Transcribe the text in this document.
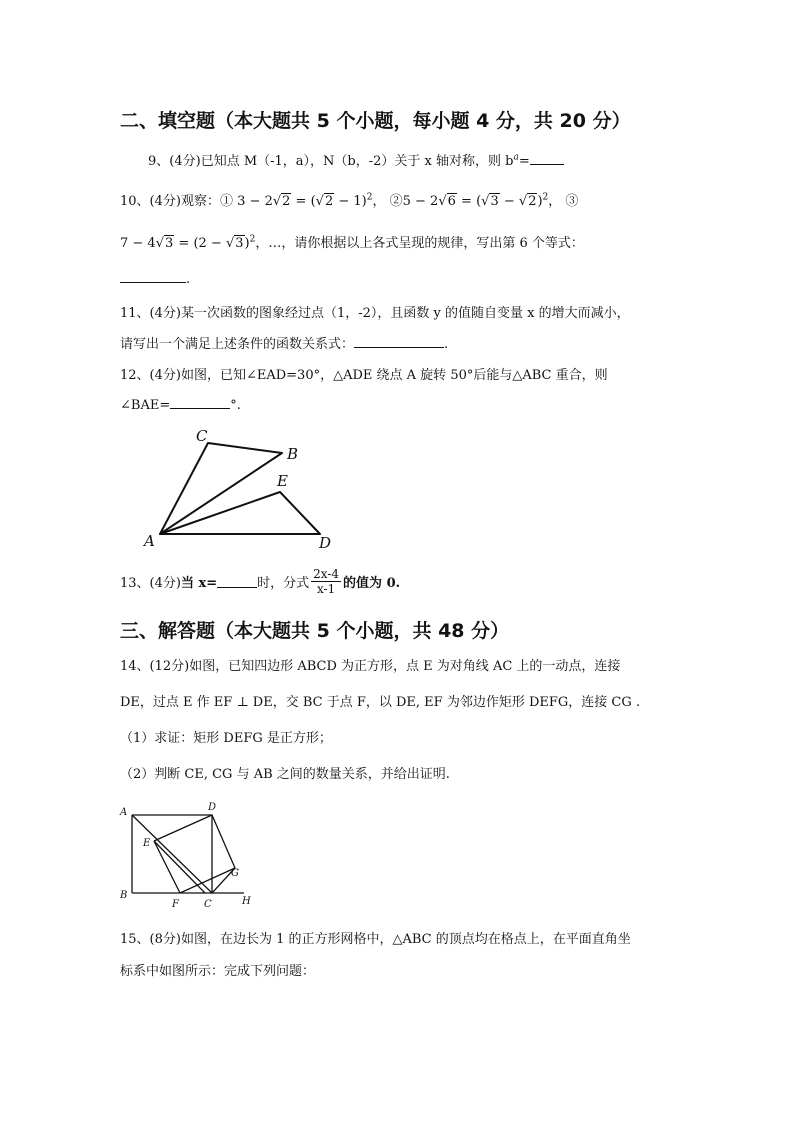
二、填空题（本大题共 5 个小题，每小题 4 分，共 20 分）
9、(4分)已知点 M（-1，a），N（b，-2）关于 x 轴对称，则 $b^a=$
10、(4分)观察：① $3 - 2√2 = (√2 - 1)^2$， ②5 − $2√6 = (√3 - √2)^2$， ③
$7 - 4√3 = (2 - √3)^2$，…，请你根据以上各式呈现的规律，写出第 6 个等式：
.
11、(4分)某一次函数的图象经过点（1，-2），且函数 y 的值随自变量 x 的增大而减小，
请写出一个满足上述条件的函数关系式：	.
12、(4分)如图，已知∠EAD=30°，△ADE 绕点 A 旋转 50°后能与△ABC 重合，则
∠BAE=	°.
C
B
E
A	D
13、(4分) 当 x=	时，分式 $\frac{2x-4}{x-1}$ 的值为 0.
三、解答题（本大题共 5 个小题，共 48 分）
14、(12分)如图，已知四边形 ABCD 为正方形，点 E 为对角线 AC 上的一动点，连接
DE，过点 E 作 EF ⊥ DE，交 BC 于点 F，以 DE, EF 为邻边作矩形 DEFG，连接 CG .
（1）求证：矩形 DEFG 是正方形；
（2）判断 CE, CG 与 AB 之间的数量关系，并给出证明.
A	D
E
G
B
F	C	H
15、(8分)如图，在边长为 1 的正方形网格中，△ABC 的顶点均在格点上，在平面直角坐
标系中如图所示：完成下列问题：
